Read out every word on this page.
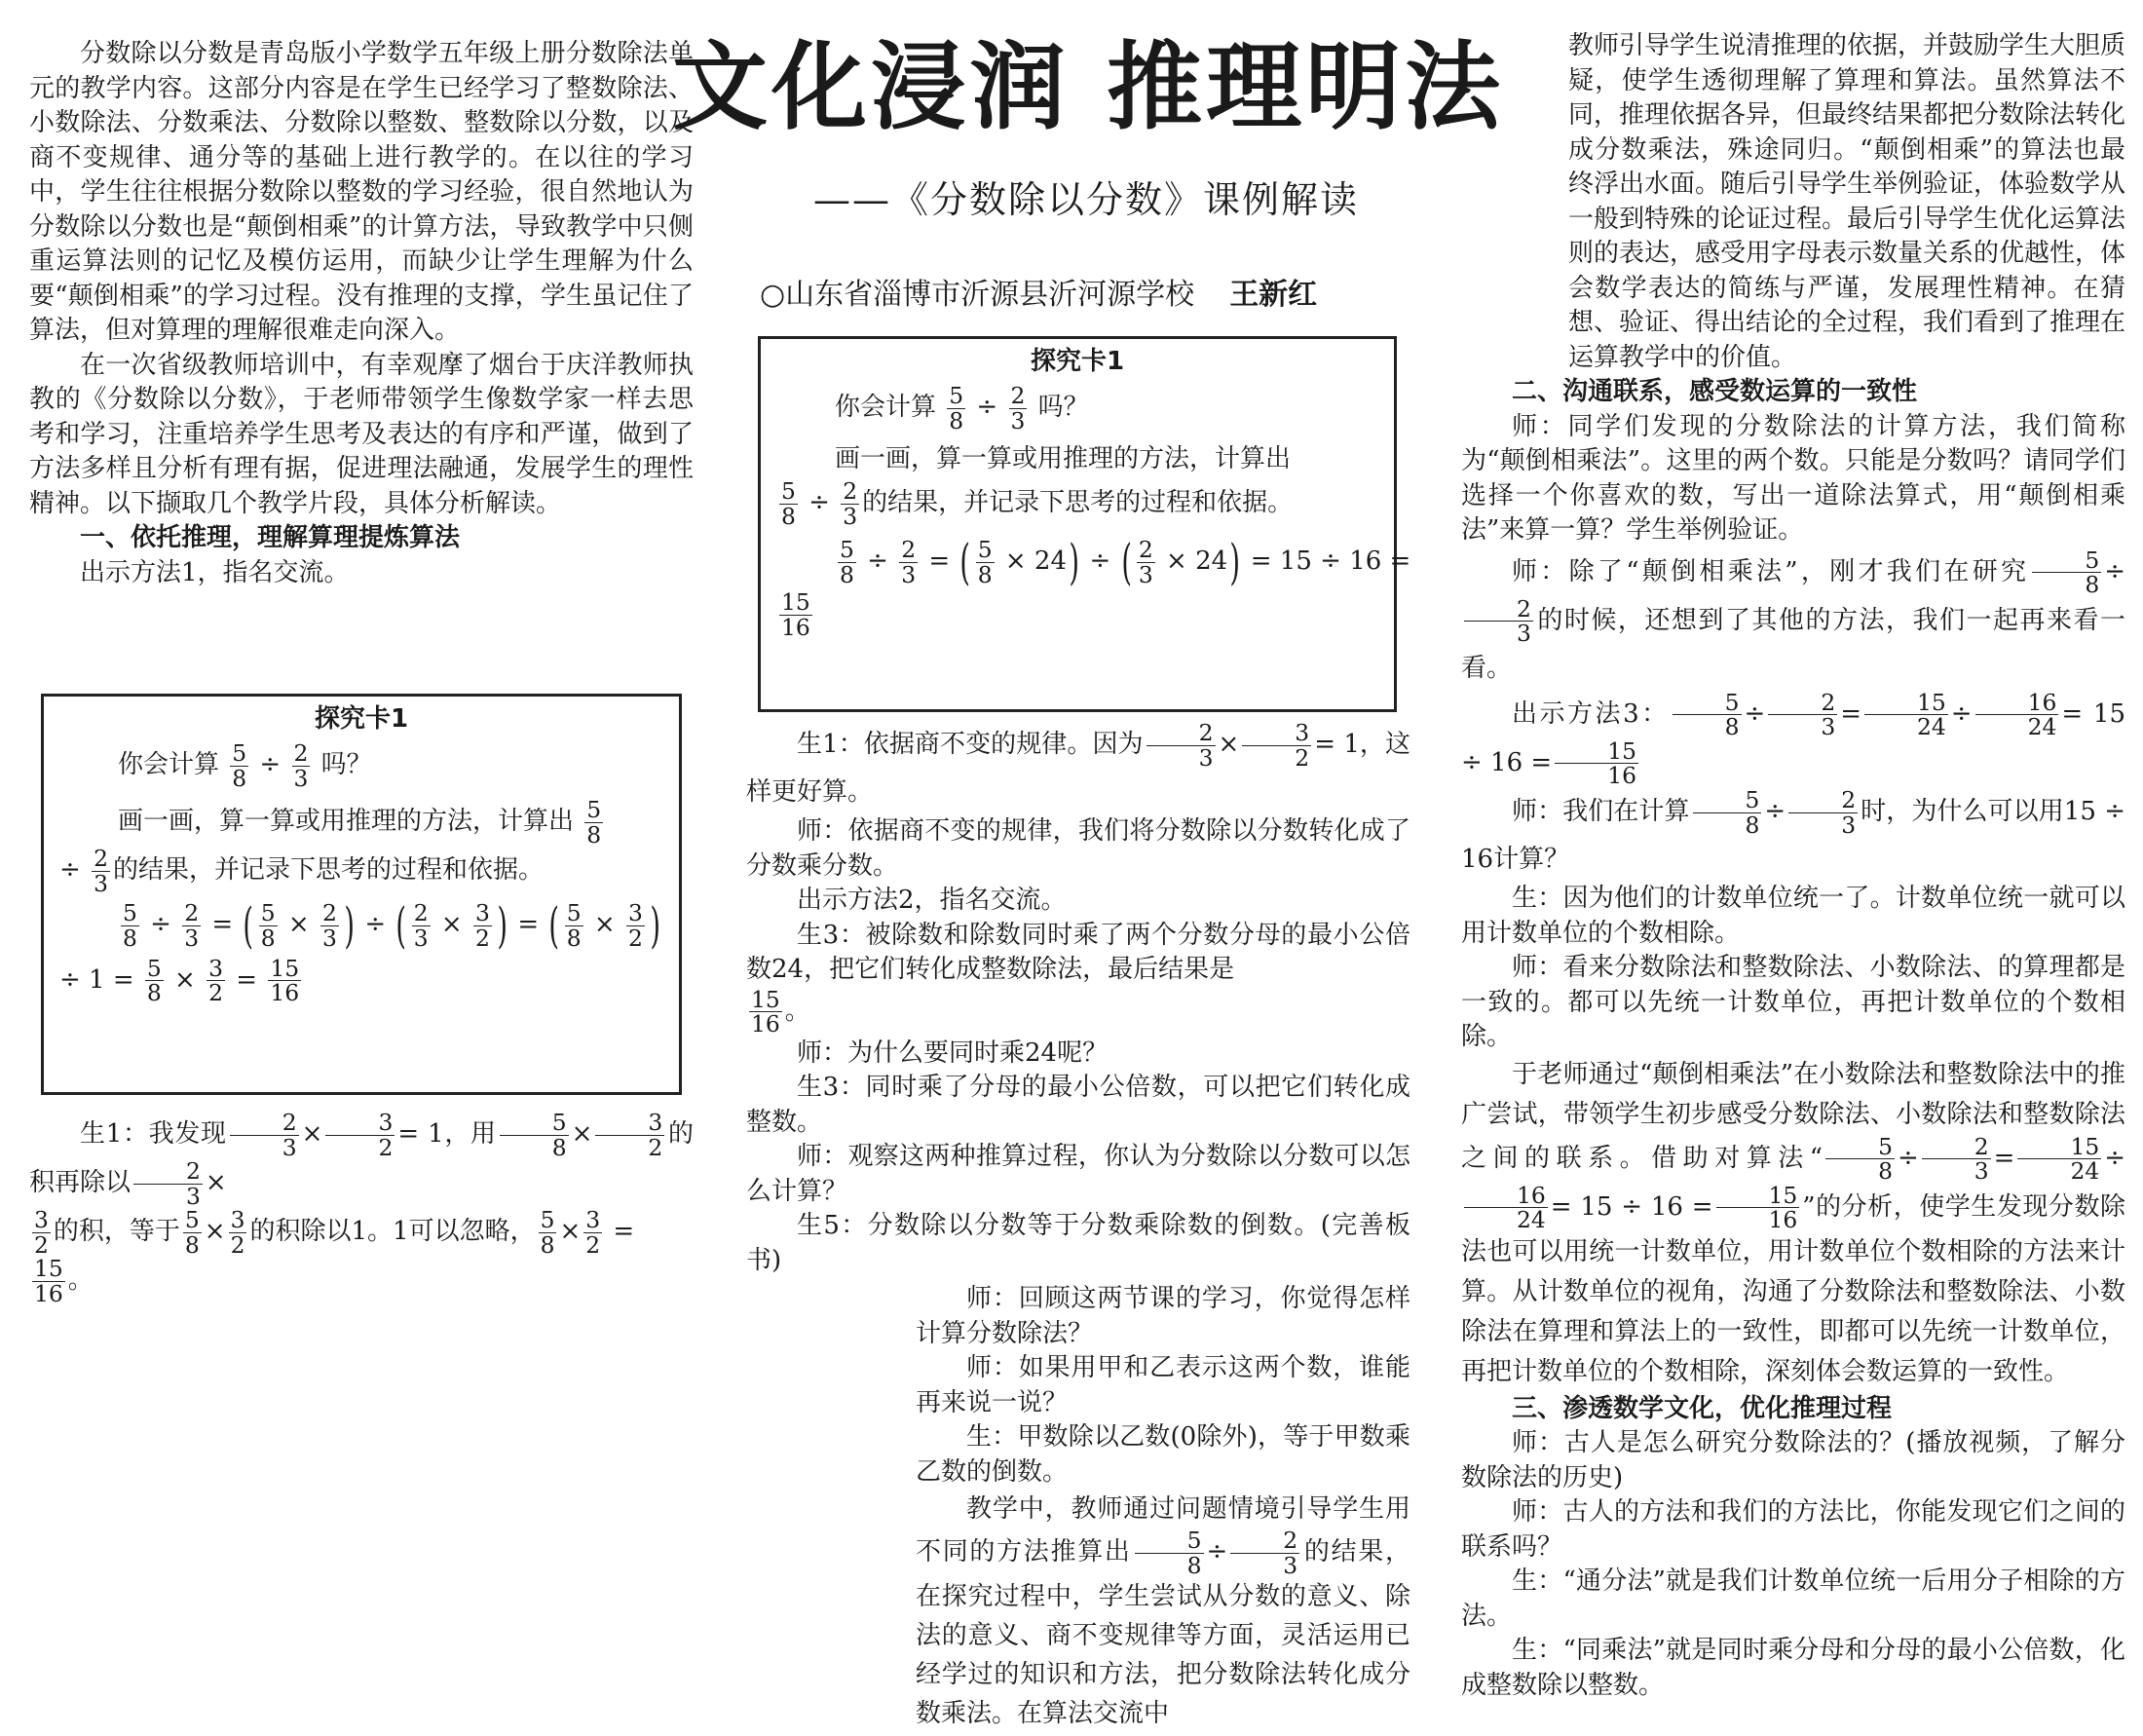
文化浸润 推理明法
——《分数除以分数》课例解读
○山东省淄博市沂源县沂河源学校 王新红

分数除以分数是青岛版小学数学五年级上册分数除法单元的教学内容。这部分内容是在学生已经学习了整数除法、小数除法、分数乘法、分数除以整数、整数除以分数，以及商不变规律、通分等的基础上进行教学的。在以往的学习中，学生往往根据分数除以整数的学习经验，很自然地认为分数除以分数也是“颠倒相乘”的计算方法，导致教学中只侧重运算法则的记忆及模仿运用，而缺少让学生理解为什么要“颠倒相乘”的学习过程。没有推理的支撑，学生虽记住了算法，但对算理的理解很难走向深入。

在一次省级教师培训中，有幸观摩了烟台于庆洋教师执教的《分数除以分数》，于老师带领学生像数学家一样去思考和学习，注重培养学生思考及表达的有序和严谨，做到了方法多样且分析有理有据，促进理法融通，发展学生的理性精神。以下撷取几个教学片段，具体分析解读。

一、依托推理，理解算理提炼算法

出示方法1，指名交流。

探究卡1
你会计算 $\frac{5}{8} \div \frac{2}{3}$ 吗？
画一画，算一算或用推理的方法，计算出 $\frac{5}{8}$
÷ $\frac{2}{3}$ 的结果，并记录下思考的过程和依据。
$\frac{5}{8} \div \frac{2}{3}$ = ( $\frac{5}{8} \times \frac{2}{3}$ ) ÷ ( $\frac{2}{3} \times \frac{3}{2}$ ) = ( $\frac{5}{8} \times \frac{3}{2}$ )
÷ $1 = \frac{5}{8} \times \frac{3}{2} = \frac{15}{16}$

生1：我发现 $\frac{2}{3} \times \frac{3}{2} = 1$，用 $\frac{5}{8} \times \frac{3}{2}$ 的积再除以 $\frac{2}{3}$ ×

$\frac{3}{2}$ 的积，等于 $\frac{5}{8} \times \frac{3}{2}$ 的积除以1。1可以忽略， $\frac{5}{8} \times \frac{3}{2}$ =

$\frac{15}{16}$ 。

探究卡1
你会计算 $\frac{5}{8} \div \frac{2}{3}$ 吗？
画一画，算一算或用推理的方法，计算出
$\frac{5}{8} \div \frac{2}{3}$ 的结果，并记录下思考的过程和依据。
$\frac{5}{8} \div \frac{2}{3}$ = ( $\frac{5}{8} \times 24$) ÷ ( $\frac{2}{3} \times 24) = 15 \div 16$ =
$\frac{15}{16}$

生1：依据商不变的规律。因为 $\frac{2}{3} \times \frac{3}{2} = 1$，这样更好算。

师：依据商不变的规律，我们将分数除以分数转化成了分数乘分数。

出示方法2，指名交流。

生3：被除数和除数同时乘了两个分数分母的最小公倍数24，把它们转化成整数除法，最后结果是

$\frac{15}{16}$ 。

师：为什么要同时乘24呢？

生3：同时乘了分母的最小公倍数，可以把它们转化成整数。

师：观察这两种推算过程，你认为分数除以分数可以怎么计算？

生5：分数除以分数等于分数乘除数的倒数。(完善板书)

师：回顾这两节课的学习，你觉得怎样计算分数除法？

师：如果用甲和乙表示这两个数，谁能再来说一说？

生：甲数除以乙数(0除外)，等于甲数乘乙数的倒数。

教学中，教师通过问题情境引导学生用不同的方法推算出 $\frac{5}{8} \div \frac{2}{3}$ 的结果，在探究过程中，学生尝试从分数的意义、除法的意义、商不变规律等方面，灵活运用已经学过的知识和方法，把分数除法转化成分数乘法。在算法交流中

教师引导学生说清推理的依据，并鼓励学生大胆质疑，使学生透彻理解了算理和算法。虽然算法不同，推理依据各异，但最终结果都把分数除法转化成分数乘法，殊途同归。“颠倒相乘”的算法也最终浮出水面。随后引导学生举例验证，体验数学从一般到特殊的论证过程。最后引导学生优化运算法则的表达，感受用字母表示数量关系的优越性，体会数学表达的简练与严谨，发展理性精神。在猜想、验证、得出结论的全过程，我们看到了推理在运算教学中的价值。

二、沟通联系，感受数运算的一致性

师：同学们发现的分数除法的计算方法，我们简称为“颠倒相乘法”。这里的两个数。只能是分数吗？请同学们选择一个你喜欢的数，写出一道除法算式，用“颠倒相乘法”来算一算？学生举例验证。

师：除了“颠倒相乘法”，刚才我们在研究 $\frac{5}{8}$ ÷
$\frac{2}{3}$ 的时候，还想到了其他的方法，我们一起再来看一看。

出示方法3： $\frac{5}{8} \div \frac{2}{3} = \frac{15}{24} \div \frac{16}{24} = 15 \div 16 = \frac{15}{16}$

师：我们在计算 $\frac{5}{8} \div \frac{2}{3}$ 时，为什么可以用15 ÷ 16计算？

生：因为他们的计数单位统一了。计数单位统一就可以用计数单位的个数相除。

师：看来分数除法和整数除法、小数除法、的算理都是一致的。都可以先统一计数单位，再把计数单位的个数相除。

于老师通过“颠倒相乘法”在小数除法和整数除法中的推广尝试，带领学生初步感受分数除法、小数除法和整数除法之间的联系。借助对算法“ $\frac{5}{8} \div \frac{2}{3} = \frac{15}{24}$ ÷
$\frac{16}{24} = 15 \div 16 = \frac{15}{16}$ ”的分析，使学生发现分数除法也可以用统一计数单位，用计数单位个数相除的方法来计算。从计数单位的视角，沟通了分数除法和整数除法、小数除法在算理和算法上的一致性，即都可以先统一计数单位，再把计数单位的个数相除，深刻体会数运算的一致性。

三、渗透数学文化，优化推理过程

师：古人是怎么研究分数除法的？(播放视频，了解分数除法的历史)

师：古人的方法和我们的方法比，你能发现它们之间的联系吗？

生：“通分法”就是我们计数单位统一后用分子相除的方法。

生：“同乘法”就是同时乘分母和分母的最小公倍数，化成整数除以整数。
